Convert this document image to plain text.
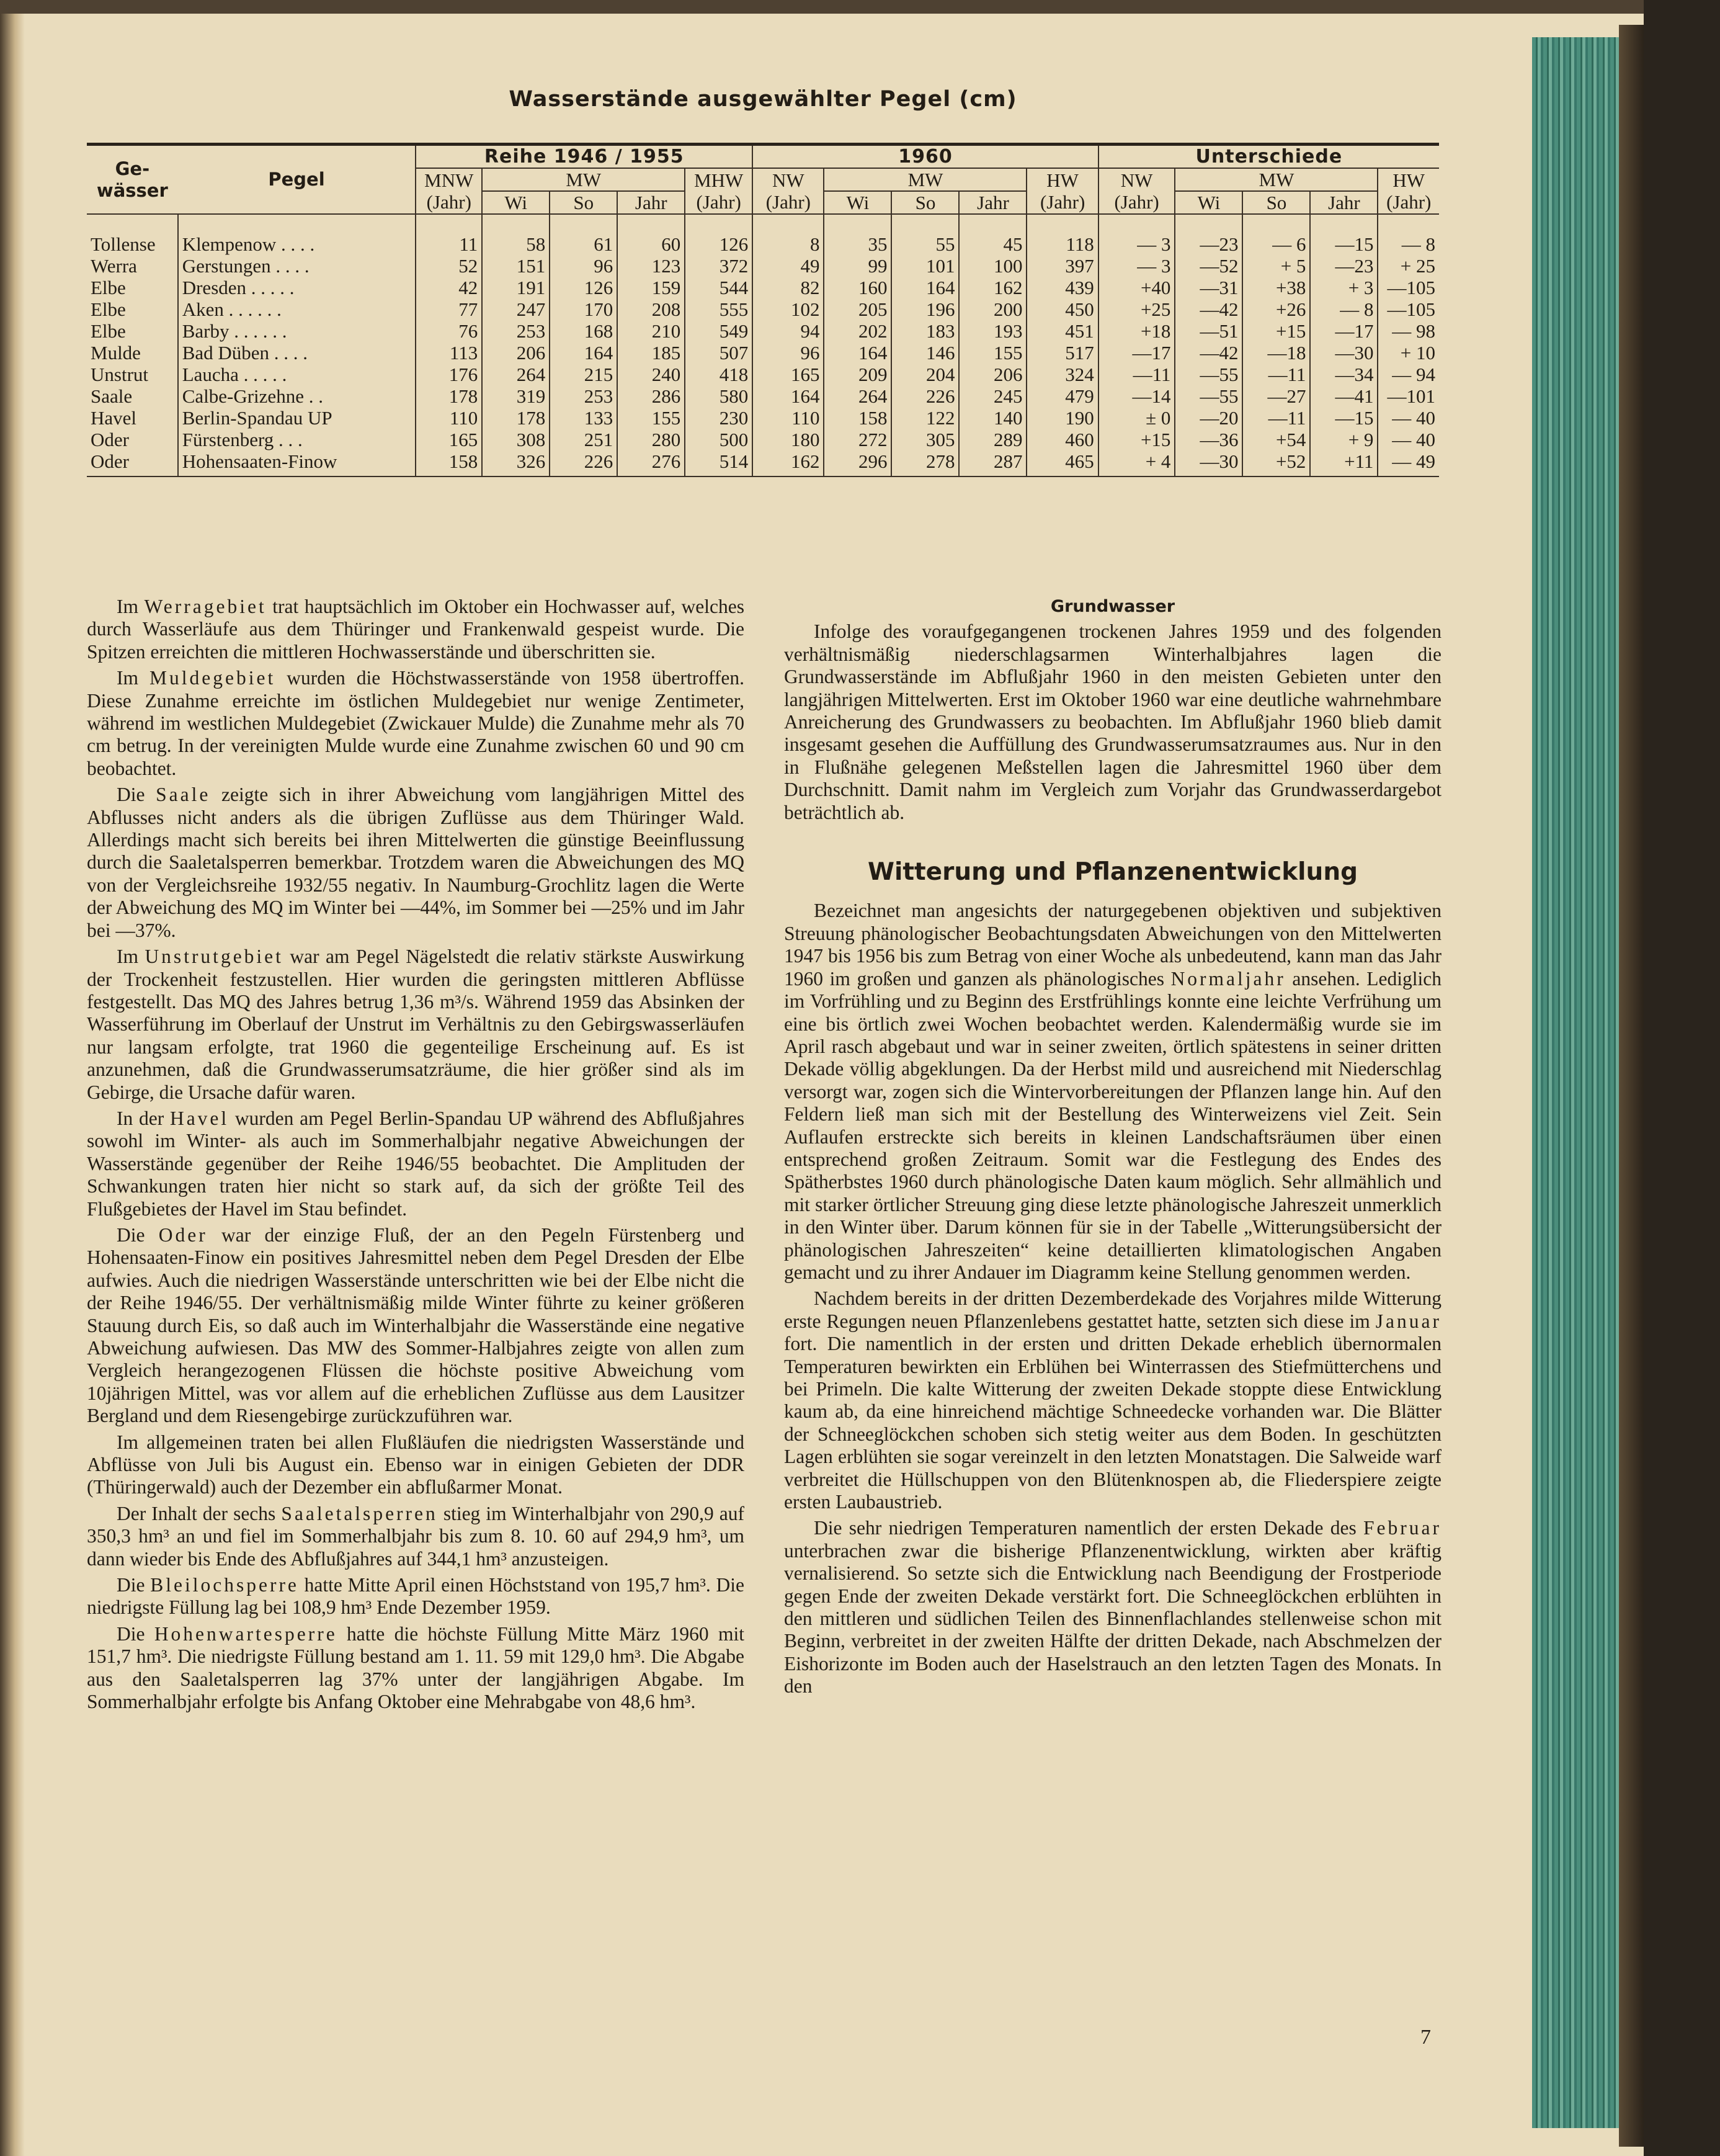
Wasserstände ausgewählter Pegel (cm)
Ge-wässer	Pegel	Reihe 1946 / 1955					1960					Unterschiede				
		MNW (Jahr)	MW			MHW (Jahr)	NW (Jahr)	MW			HW (Jahr)	NW (Jahr)	MW			HW (Jahr)
			Wi	So	Jahr			Wi	So	Jahr			Wi	So	Jahr	
Tollense	Klempenow . . . .	11	58	61	60	126	8	35	55	45	118	— 3	—23	— 6	—15	— 8
Werra	Gerstungen . . . .	52	151	96	123	372	49	99	101	100	397	— 3	—52	+ 5	—23	+ 25
Elbe	Dresden . . . . .	42	191	126	159	544	82	160	164	162	439	+40	—31	+38	+ 3	—105
Elbe	Aken . . . . . .	77	247	170	208	555	102	205	196	200	450	+25	—42	+26	— 8	—105
Elbe	Barby . . . . . .	76	253	168	210	549	94	202	183	193	451	+18	—51	+15	—17	— 98
Mulde	Bad Düben . . . .	113	206	164	185	507	96	164	146	155	517	—17	—42	—18	—30	+ 10
Unstrut	Laucha . . . . .	176	264	215	240	418	165	209	204	206	324	—11	—55	—11	—34	— 94
Saale	Calbe-Grizehne . .	178	319	253	286	580	164	264	226	245	479	—14	—55	—27	—41	—101
Havel	Berlin-Spandau UP	110	178	133	155	230	110	158	122	140	190	± 0	—20	—11	—15	— 40
Oder	Fürstenberg . . .	165	308	251	280	500	180	272	305	289	460	+15	—36	+54	+ 9	— 40
Oder	Hohensaaten-Finow	158	326	226	276	514	162	296	278	287	465	+ 4	—30	+52	+11	— 49

Im Werragebiet trat hauptsächlich im Oktober ein Hochwasser auf, welches durch Wasserläufe aus dem Thüringer und Frankenwald gespeist wurde. Die Spitzen erreichten die mittleren Hochwasserstände und überschritten sie.

Im Muldegebiet wurden die Höchstwasserstände von 1958 übertroffen. Diese Zunahme erreichte im östlichen Muldegebiet nur wenige Zentimeter, während im westlichen Muldegebiet (Zwickauer Mulde) die Zunahme mehr als 70 cm betrug. In der vereinigten Mulde wurde eine Zunahme zwischen 60 und 90 cm beobachtet.

Die Saale zeigte sich in ihrer Abweichung vom langjährigen Mittel des Abflusses nicht anders als die übrigen Zuflüsse aus dem Thüringer Wald. Allerdings macht sich bereits bei ihren Mittelwerten die günstige Beeinflussung durch die Saaletalsperren bemerkbar. Trotzdem waren die Abweichungen des MQ von der Vergleichsreihe 1932/55 negativ. In Naumburg-Grochlitz lagen die Werte der Abweichung des MQ im Winter bei —44%, im Sommer bei —25% und im Jahr bei —37%.

Im Unstrutgebiet war am Pegel Nägelstedt die relativ stärkste Auswirkung der Trockenheit festzustellen. Hier wurden die geringsten mittleren Abflüsse festgestellt. Das MQ des Jahres betrug 1,36 m³/s. Während 1959 das Absinken der Wasserführung im Oberlauf der Unstrut im Verhältnis zu den Gebirgswasserläufen nur langsam erfolgte, trat 1960 die gegenteilige Erscheinung auf. Es ist anzunehmen, daß die Grundwasserumsatzräume, die hier größer sind als im Gebirge, die Ursache dafür waren.

In der Havel wurden am Pegel Berlin-Spandau UP während des Abflußjahres sowohl im Winter- als auch im Sommerhalbjahr negative Abweichungen der Wasserstände gegenüber der Reihe 1946/55 beobachtet. Die Amplituden der Schwankungen traten hier nicht so stark auf, da sich der größte Teil des Flußgebietes der Havel im Stau befindet.

Die Oder war der einzige Fluß, der an den Pegeln Fürstenberg und Hohensaaten-Finow ein positives Jahresmittel neben dem Pegel Dresden der Elbe aufwies. Auch die niedrigen Wasserstände unterschritten wie bei der Elbe nicht die der Reihe 1946/55. Der verhältnismäßig milde Winter führte zu keiner größeren Stauung durch Eis, so daß auch im Winterhalbjahr die Wasserstände eine negative Abweichung aufwiesen. Das MW des Sommer-Halbjahres zeigte von allen zum Vergleich herangezogenen Flüssen die höchste positive Abweichung vom 10jährigen Mittel, was vor allem auf die erheblichen Zuflüsse aus dem Lausitzer Bergland und dem Riesengebirge zurückzuführen war.

Im allgemeinen traten bei allen Flußläufen die niedrigsten Wasserstände und Abflüsse von Juli bis August ein. Ebenso war in einigen Gebieten der DDR (Thüringerwald) auch der Dezember ein abflußarmer Monat.

Der Inhalt der sechs Saaletalsperren stieg im Winterhalbjahr von 290,9 auf 350,3 hm³ an und fiel im Sommerhalbjahr bis zum 8. 10. 60 auf 294,9 hm³, um dann wieder bis Ende des Abflußjahres auf 344,1 hm³ anzusteigen.

Die Bleilochsperre hatte Mitte April einen Höchststand von 195,7 hm³. Die niedrigste Füllung lag bei 108,9 hm³ Ende Dezember 1959.

Die Hohenwartesperre hatte die höchste Füllung Mitte März 1960 mit 151,7 hm³. Die niedrigste Füllung bestand am 1. 11. 59 mit 129,0 hm³. Die Abgabe aus den Saaletalsperren lag 37% unter der langjährigen Abgabe. Im Sommerhalbjahr erfolgte bis Anfang Oktober eine Mehrabgabe von 48,6 hm³.

Grundwasser

Infolge des voraufgegangenen trockenen Jahres 1959 und des folgenden verhältnismäßig niederschlagsarmen Winterhalbjahres lagen die Grundwasserstände im Abflußjahr 1960 in den meisten Gebieten unter den langjährigen Mittelwerten. Erst im Oktober 1960 war eine deutliche wahrnehmbare Anreicherung des Grundwassers zu beobachten. Im Abflußjahr 1960 blieb damit insgesamt gesehen die Auffüllung des Grundwasserumsatzraumes aus. Nur in den in Flußnähe gelegenen Meßstellen lagen die Jahresmittel 1960 über dem Durchschnitt. Damit nahm im Vergleich zum Vorjahr das Grundwasserdargebot beträchtlich ab.

Witterung und Pflanzenentwicklung

Bezeichnet man angesichts der naturgegebenen objektiven und subjektiven Streuung phänologischer Beobachtungsdaten Abweichungen von den Mittelwerten 1947 bis 1956 bis zum Betrag von einer Woche als unbedeutend, kann man das Jahr 1960 im großen und ganzen als phänologisches Normaljahr ansehen. Lediglich im Vorfrühling und zu Beginn des Erstfrühlings konnte eine leichte Verfrühung um eine bis örtlich zwei Wochen beobachtet werden. Kalendermäßig wurde sie im April rasch abgebaut und war in seiner zweiten, örtlich spätestens in seiner dritten Dekade völlig abgeklungen. Da der Herbst mild und ausreichend mit Niederschlag versorgt war, zogen sich die Wintervorbereitungen der Pflanzen lange hin. Auf den Feldern ließ man sich mit der Bestellung des Winterweizens viel Zeit. Sein Auflaufen erstreckte sich bereits in kleinen Landschaftsräumen über einen entsprechend großen Zeitraum. Somit war die Festlegung des Endes des Spätherbstes 1960 durch phänologische Daten kaum möglich. Sehr allmählich und mit starker örtlicher Streuung ging diese letzte phänologische Jahreszeit unmerklich in den Winter über. Darum können für sie in der Tabelle „Witterungsübersicht der phänologischen Jahreszeiten“ keine detaillierten klimatologischen Angaben gemacht und zu ihrer Andauer im Diagramm keine Stellung genommen werden.

Nachdem bereits in der dritten Dezemberdekade des Vorjahres milde Witterung erste Regungen neuen Pflanzenlebens gestattet hatte, setzten sich diese im Januar fort. Die namentlich in der ersten und dritten Dekade erheblich übernormalen Temperaturen bewirkten ein Erblühen bei Winterrassen des Stiefmütterchens und bei Primeln. Die kalte Witterung der zweiten Dekade stoppte diese Entwicklung kaum ab, da eine hinreichend mächtige Schneedecke vorhanden war. Die Blätter der Schneeglöckchen schoben sich stetig weiter aus dem Boden. In geschützten Lagen erblühten sie sogar vereinzelt in den letzten Monatstagen. Die Salweide warf verbreitet die Hüllschuppen von den Blütenknospen ab, die Fliederspiere zeigte ersten Laubaustrieb.

Die sehr niedrigen Temperaturen namentlich der ersten Dekade des Februar unterbrachen zwar die bisherige Pflanzenentwicklung, wirkten aber kräftig vernalisierend. So setzte sich die Entwicklung nach Beendigung der Frostperiode gegen Ende der zweiten Dekade verstärkt fort. Die Schneeglöckchen erblühten in den mittleren und südlichen Teilen des Binnenflachlandes stellenweise schon mit Beginn, verbreitet in der zweiten Hälfte der dritten Dekade, nach Abschmelzen der Eishorizonte im Boden auch der Haselstrauch an den letzten Tagen des Monats. In den

7
